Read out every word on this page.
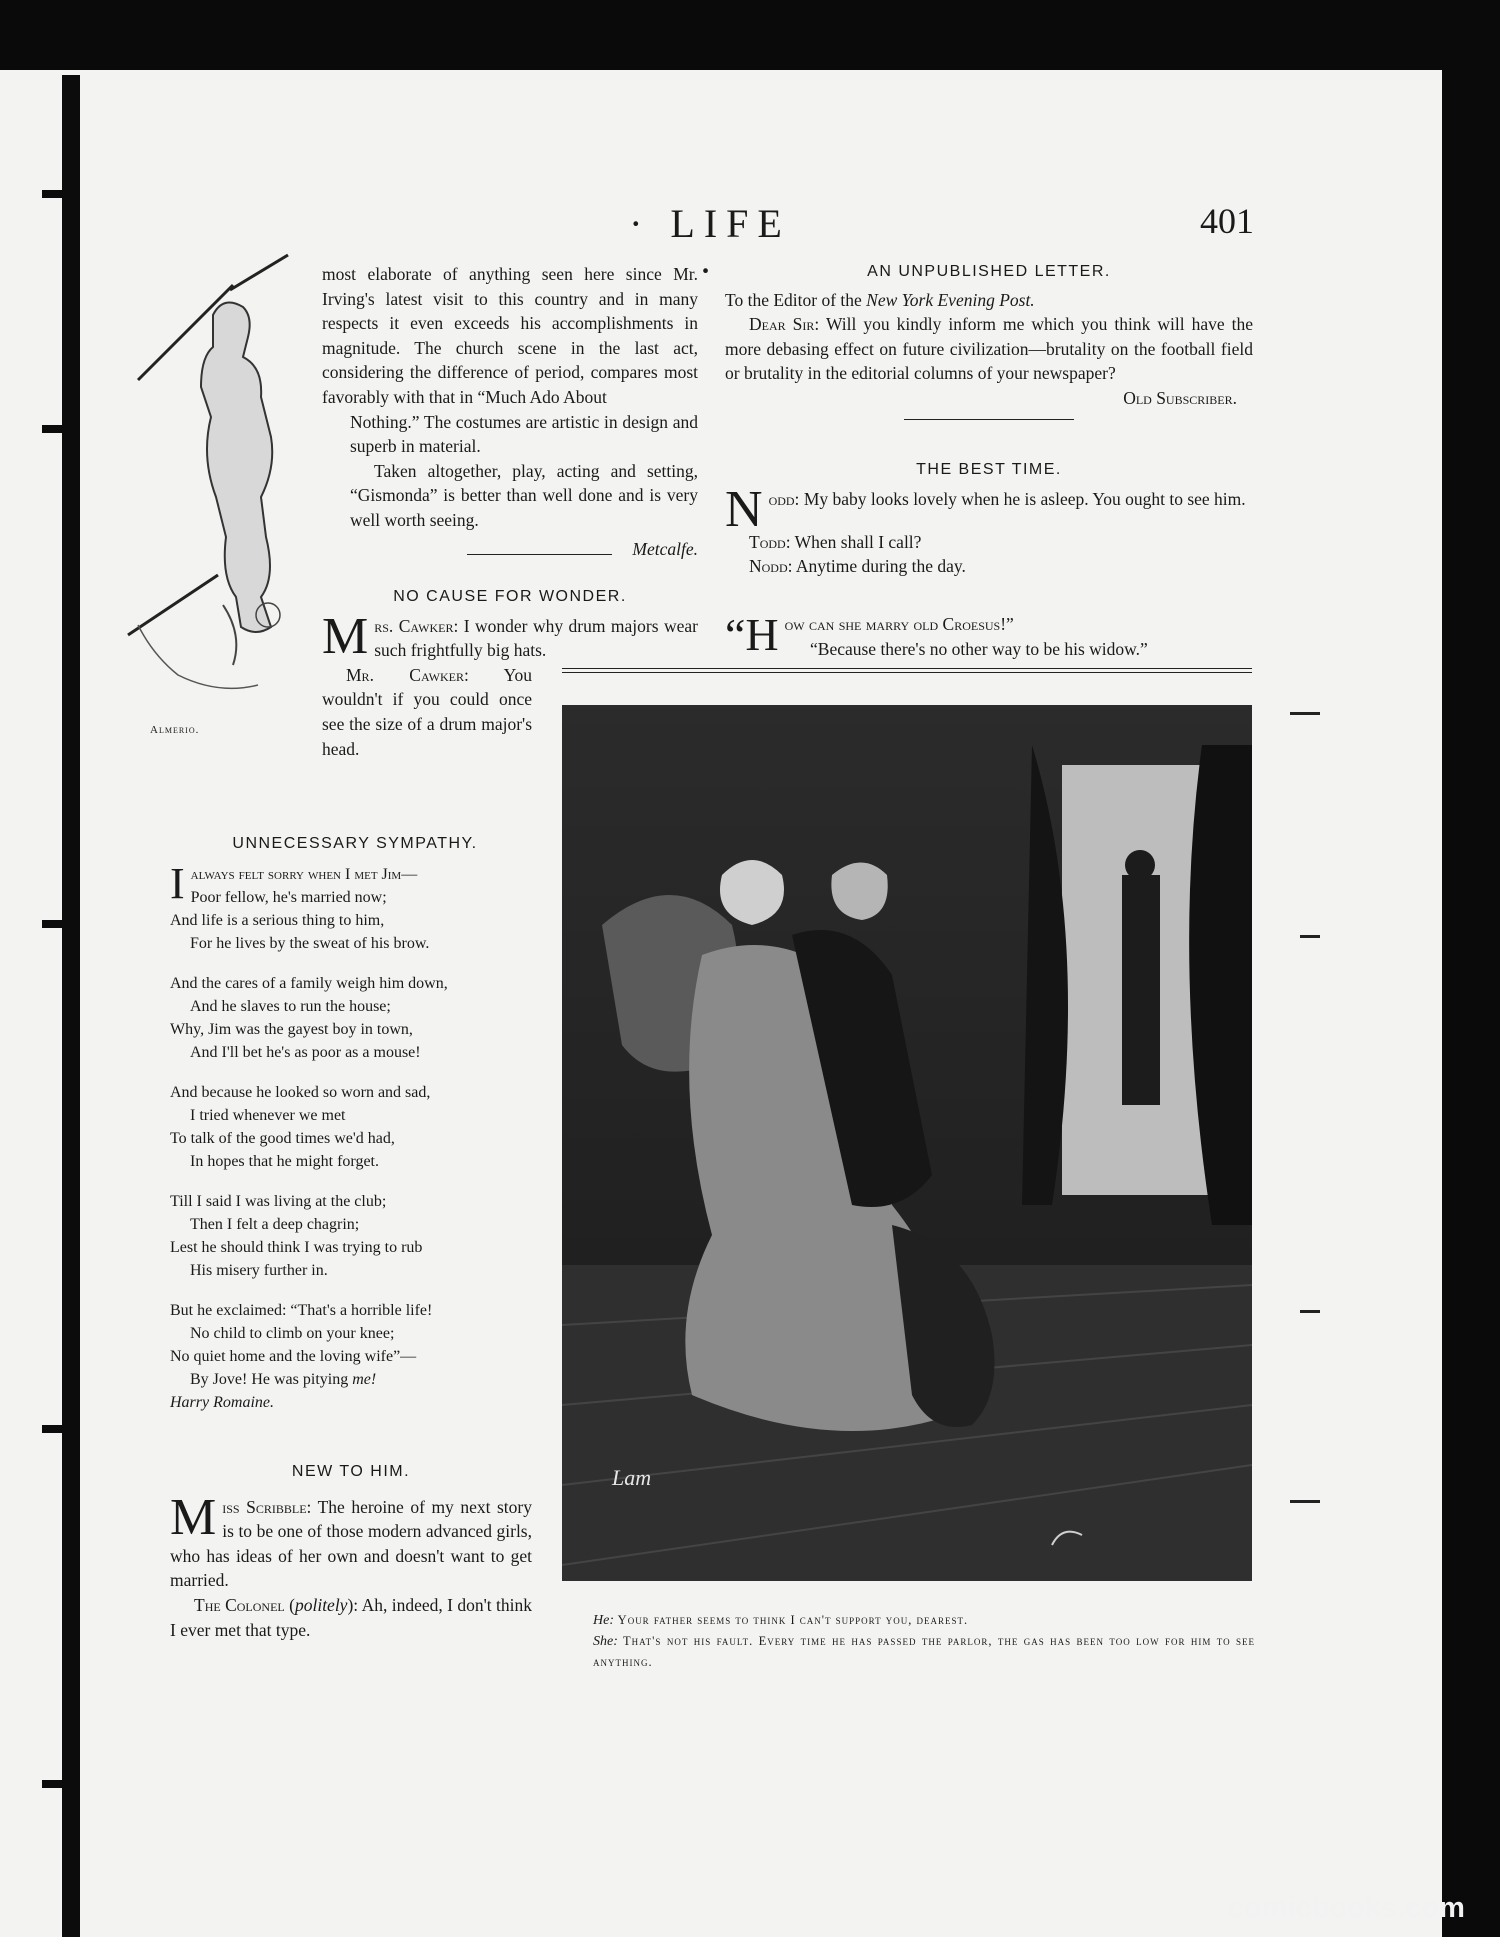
· LIFE ·
401
Almerio.

most elaborate of anything seen here since Mr. Irving's latest visit to this country and in many respects it even exceeds his accomplishments in magnitude. The church scene in the last act, considering the difference of period, compares most favorably with that in “Much Ado About

Nothing.” The costumes are artistic in design and superb in material.

Taken altogether, play, acting and setting, “Gismonda” is better than well done and is very well worth seeing.

Metcalfe.

NO CAUSE FOR WONDER.

Mrs. Cawker: I wonder why drum majors wear such frightfully big hats.

Mr. Cawker: You wouldn't if you could once see the size of a drum major's head.

AN UNPUBLISHED LETTER.

To the Editor of the New York Evening Post.

Dear Sir: Will you kindly inform me which you think will have the more debasing effect on future civilization—brutality on the football field or brutality in the editorial columns of your newspaper?

Old Subscriber.

THE BEST TIME.

Nodd: My baby looks lovely when he is asleep. You ought to see him.

Todd: When shall I call?

Nodd: Anytime during the day.

“How can she marry old Croesus!”

“Because there's no other way to be his widow.”

UNNECESSARY SYMPATHY.

Ialways felt sorry when I met Jim—

Poor fellow, he's married now;

And life is a serious thing to him,

For he lives by the sweat of his brow.

And the cares of a family weigh him down,

And he slaves to run the house;

Why, Jim was the gayest boy in town,

And I'll bet he's as poor as a mouse!

And because he looked so worn and sad,

I tried whenever we met

To talk of the good times we'd had,

In hopes that he might forget.

Till I said I was living at the club;

Then I felt a deep chagrin;

Lest he should think I was trying to rub

His misery further in.

But he exclaimed: “That's a horrible life!

No child to climb on your knee;

No quiet home and the loving wife”—

By Jove! He was pitying me!

Harry Romaine.

NEW TO HIM.

Miss Scribble: The heroine of my next story is to be one of those modern advanced girls, who has ideas of her own and doesn't want to get married.

The Colonel (politely): Ah, indeed, I don't think I ever met that type.

Lam
He: Your father seems to think I can't support you, dearest.
She: That's not his fault. Every time he has passed the parlor, the gas has been too low for him to see anything.
comicbooks.com
